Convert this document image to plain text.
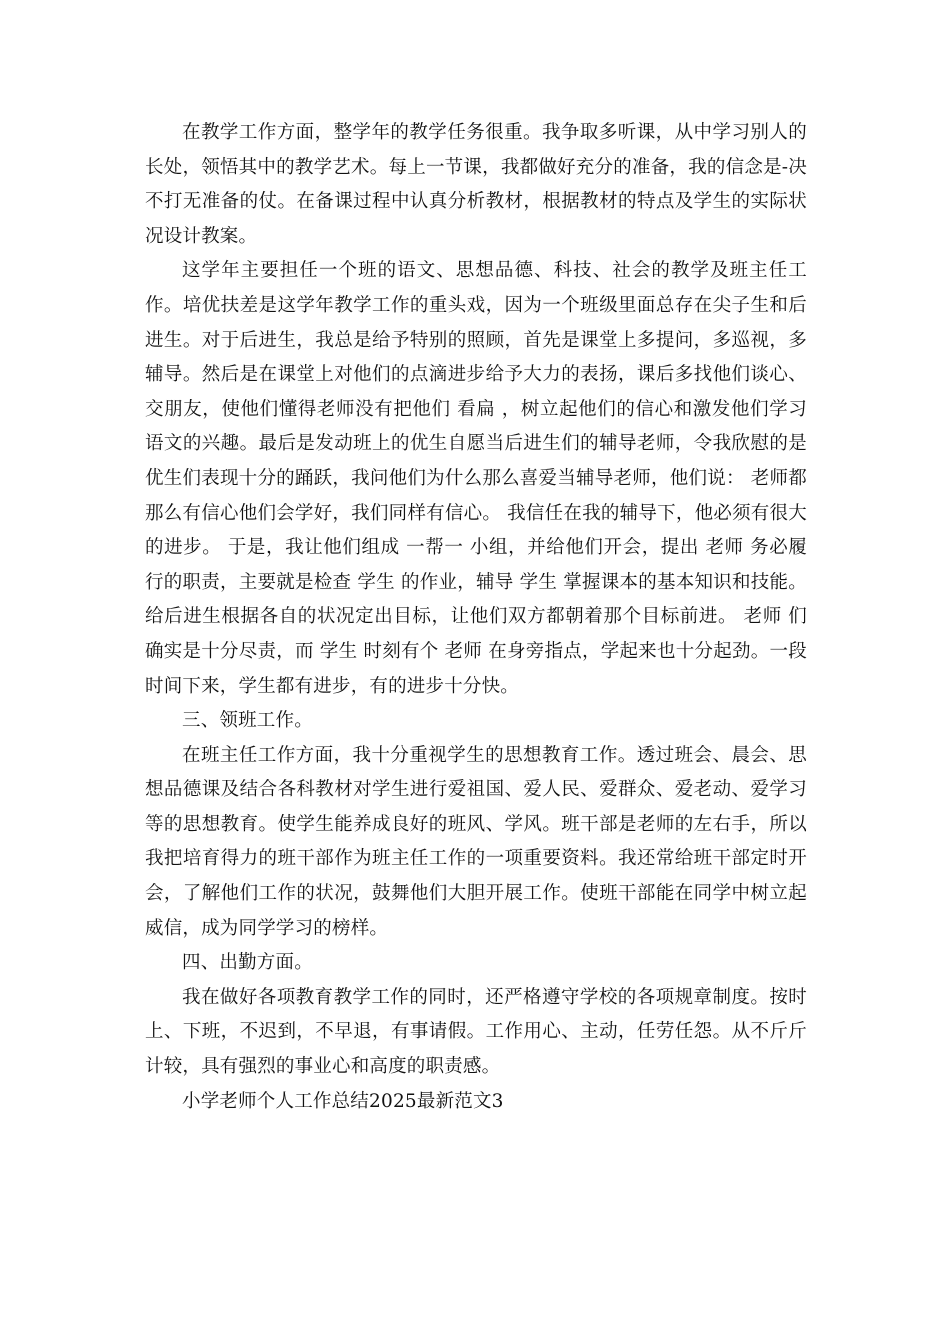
在教学工作方面，整学年的教学任务很重。我争取多听课，从中学习别人的长处，领悟其中的教学艺术。每上一节课，我都做好充分的准备，我的信念是-决不打无准备的仗。在备课过程中认真分析教材，根据教材的特点及学生的实际状况设计教案。

这学年主要担任一个班的语文、思想品德、科技、社会的教学及班主任工作。培优扶差是这学年教学工作的重头戏，因为一个班级里面总存在尖子生和后进生。对于后进生，我总是给予特别的照顾，首先是课堂上多提问，多巡视，多辅导。然后是在课堂上对他们的点滴进步给予大力的表扬，课后多找他们谈心、交朋友，使他们懂得老师没有把他们 看扁 ，树立起他们的信心和激发他们学习语文的兴趣。最后是发动班上的优生自愿当后进生们的辅导老师，令我欣慰的是优生们表现十分的踊跃，我问他们为什么那么喜爱当辅导老师，他们说： 老师都那么有信心他们会学好，我们同样有信心。 我信任在我的辅导下，他必须有很大的进步。 于是，我让他们组成 一帮一 小组，并给他们开会，提出 老师 务必履行的职责，主要就是检查 学生 的作业，辅导 学生 掌握课本的基本知识和技能。给后进生根据各自的状况定出目标，让他们双方都朝着那个目标前进。 老师 们确实是十分尽责，而 学生 时刻有个 老师 在身旁指点，学起来也十分起劲。一段时间下来，学生都有进步，有的进步十分快。

三、领班工作。

在班主任工作方面，我十分重视学生的思想教育工作。透过班会、晨会、思想品德课及结合各科教材对学生进行爱祖国、爱人民、爱群众、爱老动、爱学习等的思想教育。使学生能养成良好的班风、学风。班干部是老师的左右手，所以我把培育得力的班干部作为班主任工作的一项重要资料。我还常给班干部定时开会，了解他们工作的状况，鼓舞他们大胆开展工作。使班干部能在同学中树立起威信，成为同学学习的榜样。

四、出勤方面。

我在做好各项教育教学工作的同时，还严格遵守学校的各项规章制度。按时上、下班，不迟到，不早退，有事请假。工作用心、主动，任劳任怨。从不斤斤计较，具有强烈的事业心和高度的职责感。

小学老师个人工作总结2025最新范文3
